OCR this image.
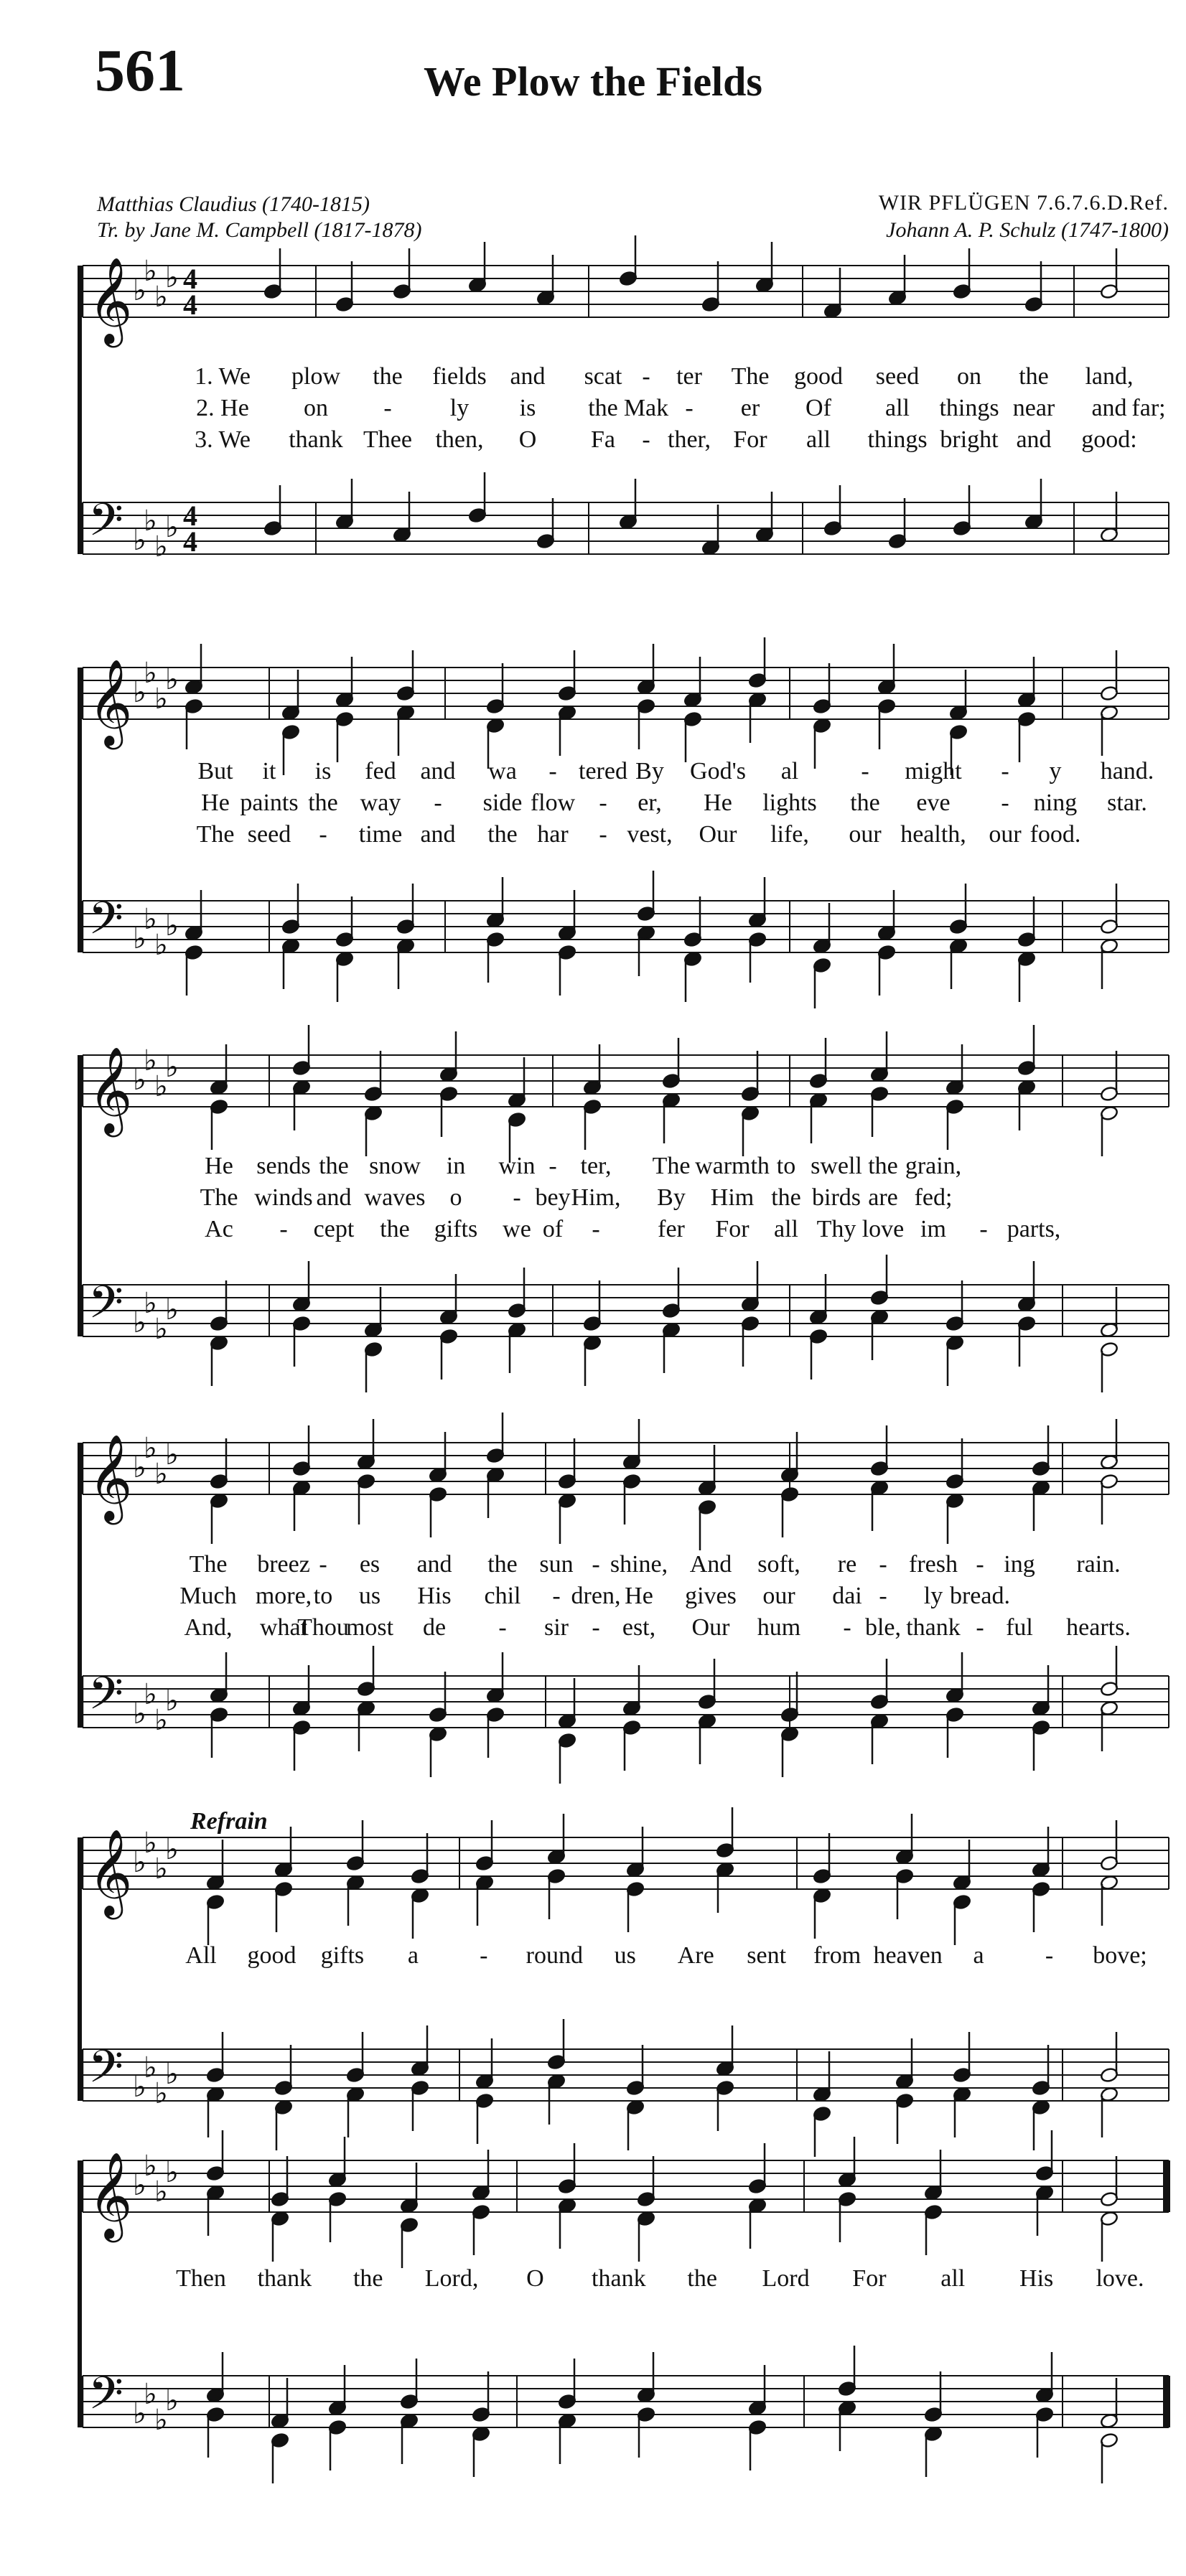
561	We Plow the Fields
Matthias Claudius (1740-1815)
Tr. by Jane M. Campbell (1817-1878)
WIR PFLÜGEN 7.6.7.6.D.Ref.
Johann A. P. Schulz (1747-1800)
𝄞 ♭
♭
♭
♭ 4
4
𝄢 ♭
♭
♭
♭ 4
4
1. We plow the fields and scat - ter The good seed on the land,
2. He on - ly is the Mak - er Of all things near and far;
3. We thank Thee then, O Fa - ther, For all things bright and good:
𝄞 ♭
♭
♭
♭
𝄢 ♭
♭
♭
♭
But it is fed and wa - tered By God's al	- might - y hand.
He paints the way - side flow - er, He lights the eve - ning star.
The seed - time and the har - vest, Our life, our health, our food.
𝄞 ♭
♭
♭
♭
𝄢 ♭
♭
♭
♭
He sends the snow in win - ter, The warmth to swell the grain,
The winds and waves o - bey Him, By Him the birds are fed;
Ac - cept the gifts we of - fer For all Thy love im - parts,
𝄞 ♭
♭
♭
♭
𝄢 ♭
♭
♭
♭
The breez - es and the sun - shine, And soft, re - fresh - ing rain.
Much more, to us His chil - dren, He gives our dai - ly bread.
And, what
Thou
most de - sir - est, Our hum - ble, thank - ful hearts.
𝄞 ♭
♭
♭
♭
𝄢 ♭
♭
♭
♭
All good gifts a	- round us Are sent from heaven a	- bove;
𝄞 ♭
♭
♭
♭
𝄢 ♭
♭
♭
♭
Then thank the Lord, O thank the Lord For all His love.
Refrain
